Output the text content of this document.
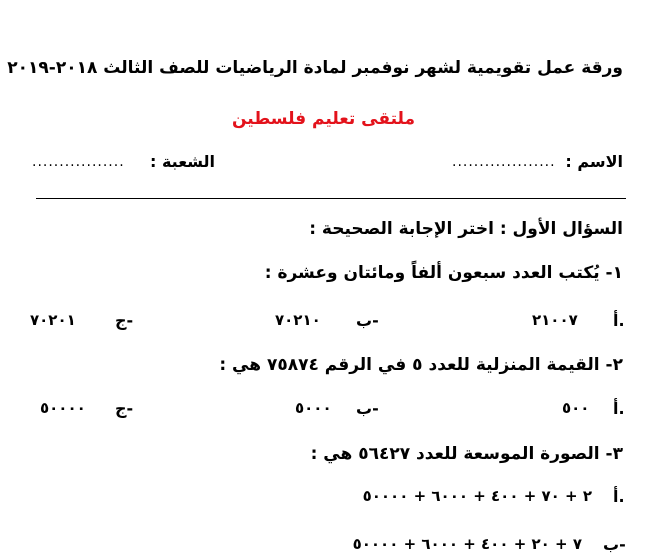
ورقة عمل تقويمية لشهر نوفمبر لمادة الرياضيات للصف الثالث ٢٠١٨-٢٠١٩
ملتقى تعليم فلسطين
الاسم :
...................
الشعبة :
.................
السؤال الأول : اختر الإجابة الصحيحة :
١- يُكتب العدد سبعون ألفاً ومائتان وعشرة :
أ.
٢١٠٠٧
ب-
٧٠٢١٠
ج-
٧٠٢٠١
٢- القيمة المنزلية للعدد ٥ في الرقم ٧٥٨٧٤ هي :
أ.
٥٠٠
ب-
٥٠٠٠
ج-
٥٠٠٠٠
٣- الصورة الموسعة للعدد ٥٦٤٢٧ هي :
أ.
٢ + ٧٠ + ٤٠٠ + ٦٠٠٠ + ٥٠٠٠٠
ب-
٧ + ٢٠ + ٤٠٠ + ٦٠٠٠ + ٥٠٠٠٠
